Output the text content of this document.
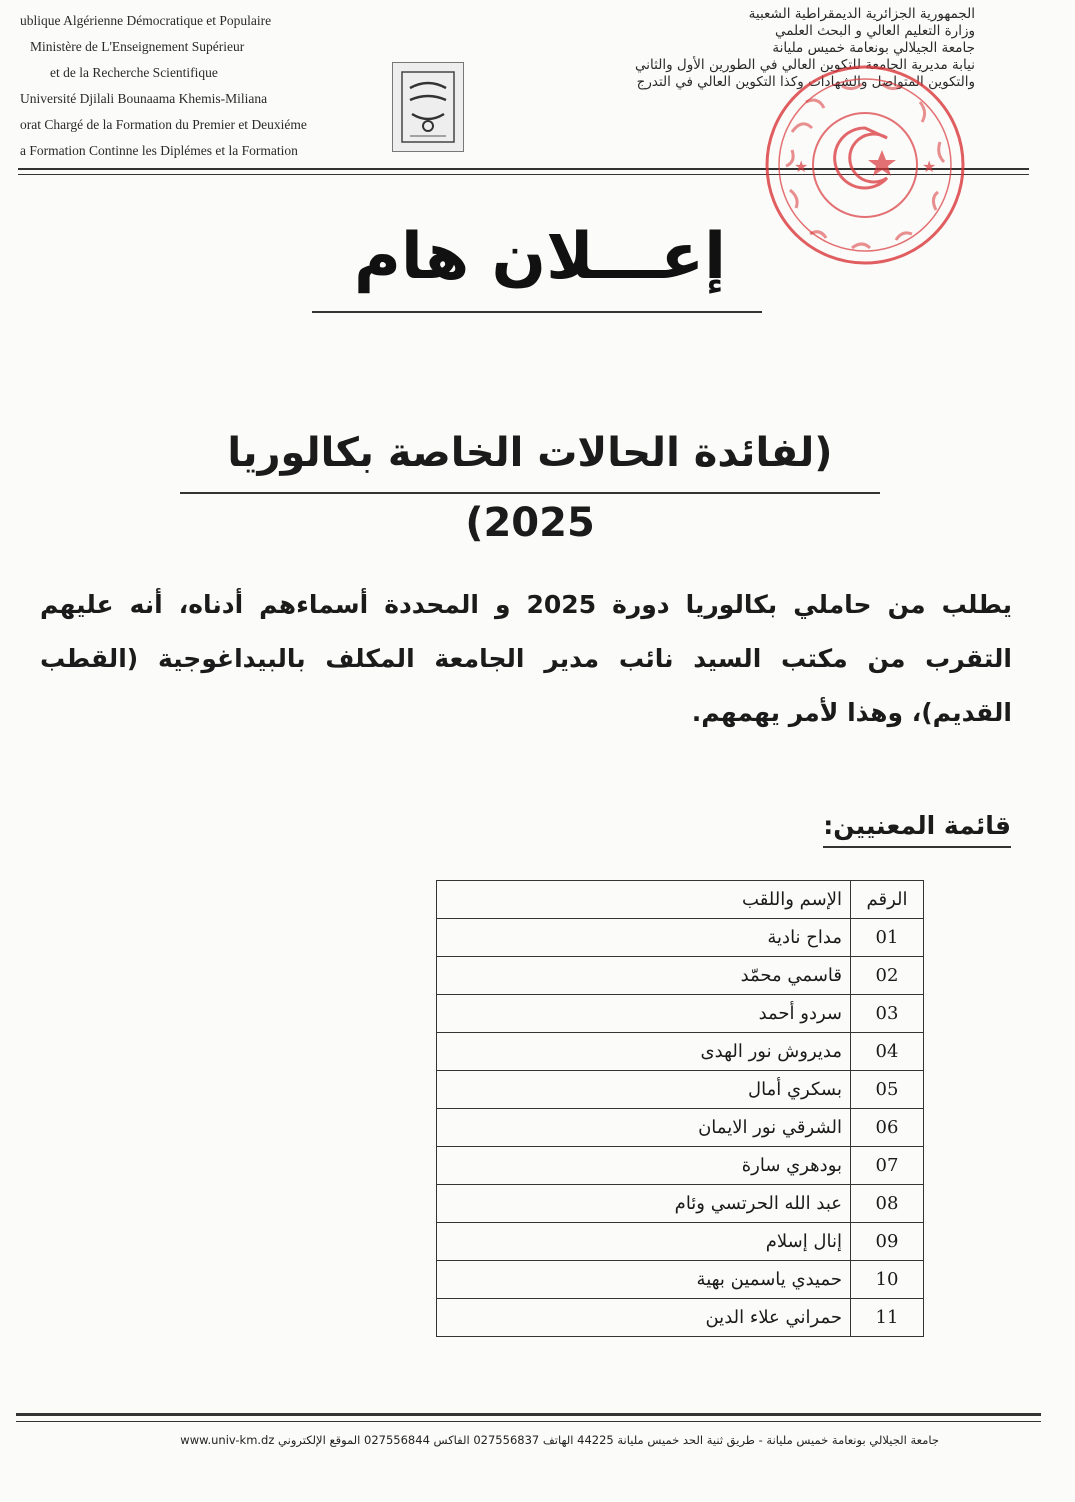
ublique Algérienne Démocratique et Populaire
Ministère de L'Enseignement Supérieur
et de la Recherche Scientifique
Université Djilali Bounaama Khemis-Miliana
orat Chargé de la Formation du Premier et Deuxiéme
a Formation Continne les Diplémes et la Formation
الجمهورية الجزائرية الديمقراطية الشعبية
وزارة التعليم العالي و البحث العلمي
جامعة الجيلالي بونعامة خميس مليانة
نيابة مديرية الجامعة للتكوين العالي في الطورين الأول والثاني
والتكوين المتواصل والشهادات وكذا التكوين العالي في التدرج
★	★
إعـــلان هام
(لفائدة الحالات الخاصة بكالوريا 2025)
يطلب من حاملي بكالوريا دورة 2025 و المحددة أسماءهم أدناه، أنه عليهم التقرب من مكتب السيد نائب مدير الجامعة المكلف بالبيداغوجية (القطب القديم)، وهذا لأمر يهمهم.
قائمة المعنيين:
الرقم	الإسم واللقب
01	مداح نادية
02	قاسمي محمّد
03	سردو أحمد
04	مديروش نور الهدى
05	بسكري أمال
06	الشرقي نور الايمان
07	بودهري سارة
08	عبد الله الحرتسي وئام
09	إنال إسلام
10	حميدي ياسمين بهية
11	حمراني علاء الدين
جامعة الجيلالي بونعامة خميس مليانة - طريق ثنية الحد خميس مليانة 44225 الهاتف 027556837 الفاكس 027556844 الموقع الإلكتروني www.univ-km.dz
